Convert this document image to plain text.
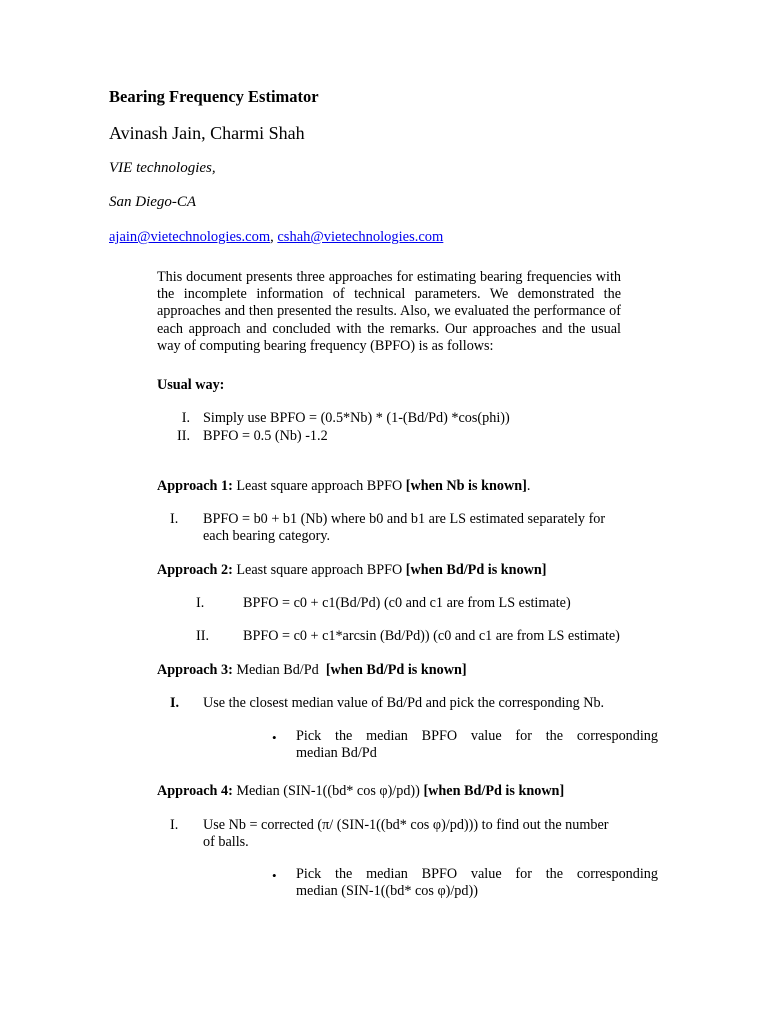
Bearing Frequency Estimator
Avinash Jain, Charmi Shah
VIE technologies,
San Diego-CA
ajain@vietechnologies.com, cshah@vietechnologies.com
This document presents three approaches for estimating bearing frequencies with
the incomplete information of technical parameters. We demonstrated the
approaches and then presented the results. Also, we evaluated the performance of
each approach and concluded with the remarks. Our approaches and the usual
way of computing bearing frequency (BPFO) is as follows:
Usual way:
I. Simply use BPFO = (0.5*Nb) * (1-(Bd/Pd) *cos(phi))
II. BPFO = 0.5 (Nb) -1.2
Approach 1: Least square approach BPFO [when Nb is known].
I. BPFO = b0 + b1 (Nb) where b0 and b1 are LS estimated separately for
each bearing category.
Approach 2: Least square approach BPFO [when Bd/Pd is known]
I.	BPFO = c0 + c1(Bd/Pd) (c0 and c1 are from LS estimate)
II. BPFO = c0 + c1*arcsin (Bd/Pd)) (c0 and c1 are from LS estimate)
Approach 3: Median Bd/Pd  [when Bd/Pd is known]
I. Use the closest median value of Bd/Pd and pick the corresponding Nb.
• Pick the median BPFO value for the corresponding
median Bd/Pd
Approach 4: Median (SIN-1((bd* cos φ)/pd)) [when Bd/Pd is known]
I. Use Nb = corrected (π/ (SIN-1((bd* cos φ)/pd))) to find out the number
of balls.
• Pick the median BPFO value for the corresponding
median (SIN-1((bd* cos φ)/pd))
